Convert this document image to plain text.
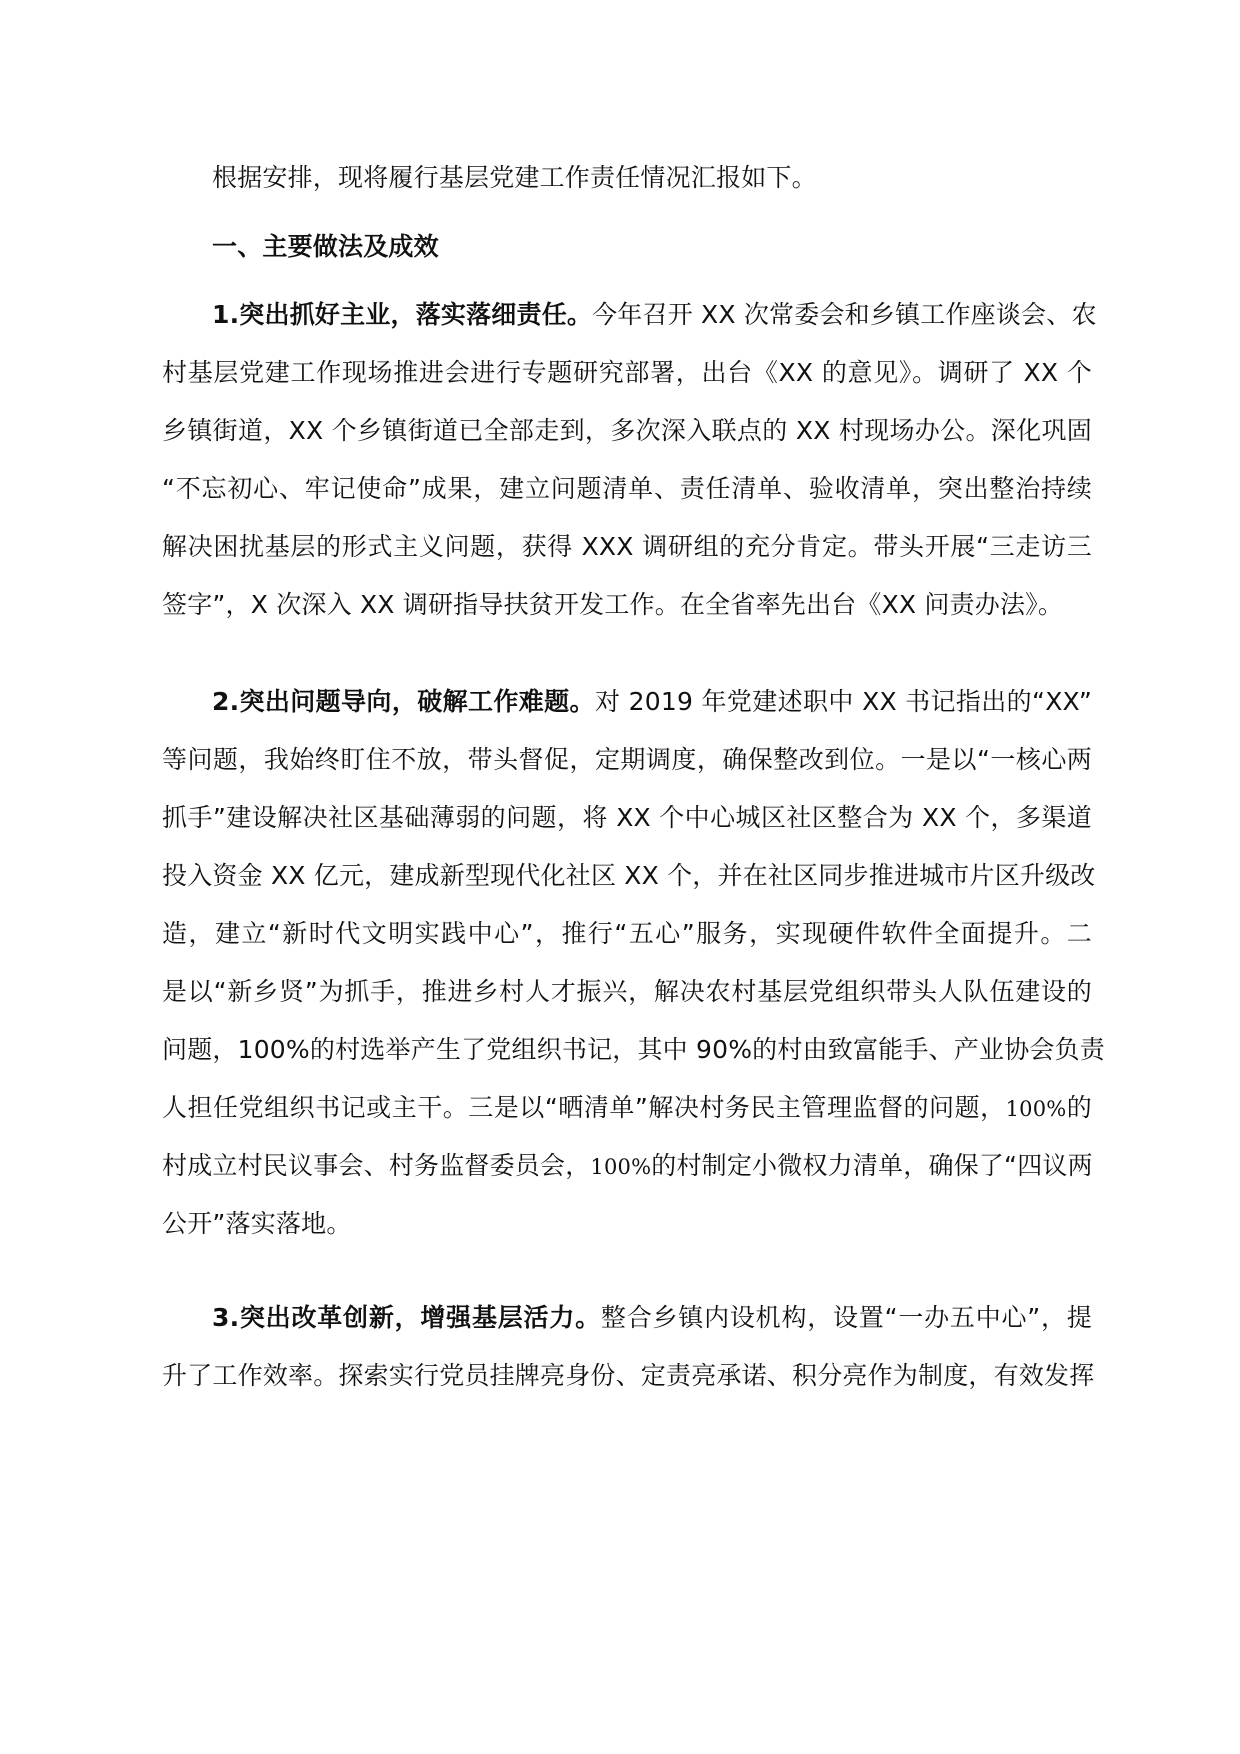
根据安排，现将履行基层党建工作责任情况汇报如下。
一、主要做法及成效
1.突出抓好主业，落实落细责任。今年召开 XX 次常委会和乡镇工作座谈会、农
村基层党建工作现场推进会进行专题研究部署，出台《XX 的意见》。调研了 XX 个
乡镇街道，XX 个乡镇街道已全部走到，多次深入联点的 XX 村现场办公。深化巩固
“不忘初心、牢记使命”成果，建立问题清单、责任清单、验收清单，突出整治持续
解决困扰基层的形式主义问题，获得 XXX 调研组的充分肯定。带头开展“三走访三
签字”，X 次深入 XX 调研指导扶贫开发工作。在全省率先出台《XX 问责办法》。
2.突出问题导向，破解工作难题。对 2019 年党建述职中 XX 书记指出的“XX”
等问题，我始终盯住不放，带头督促，定期调度，确保整改到位。一是以“一核心两
抓手”建设解决社区基础薄弱的问题，将 XX 个中心城区社区整合为 XX 个，多渠道
投入资金 XX 亿元，建成新型现代化社区 XX 个，并在社区同步推进城市片区升级改
造，建立“新时代文明实践中心”，推行“五心”服务，实现硬件软件全面提升。二
是以“新乡贤”为抓手，推进乡村人才振兴，解决农村基层党组织带头人队伍建设的
问题，100%的村选举产生了党组织书记，其中 90%的村由致富能手、产业协会负责
人担任党组织书记或主干。三是以“晒清单”解决村务民主管理监督的问题，100%的
村成立村民议事会、村务监督委员会，100%的村制定小微权力清单，确保了“四议两
公开”落实落地。
3.突出改革创新，增强基层活力。整合乡镇内设机构，设置“一办五中心”，提
升了工作效率。探索实行党员挂牌亮身份、定责亮承诺、积分亮作为制度，有效发挥
